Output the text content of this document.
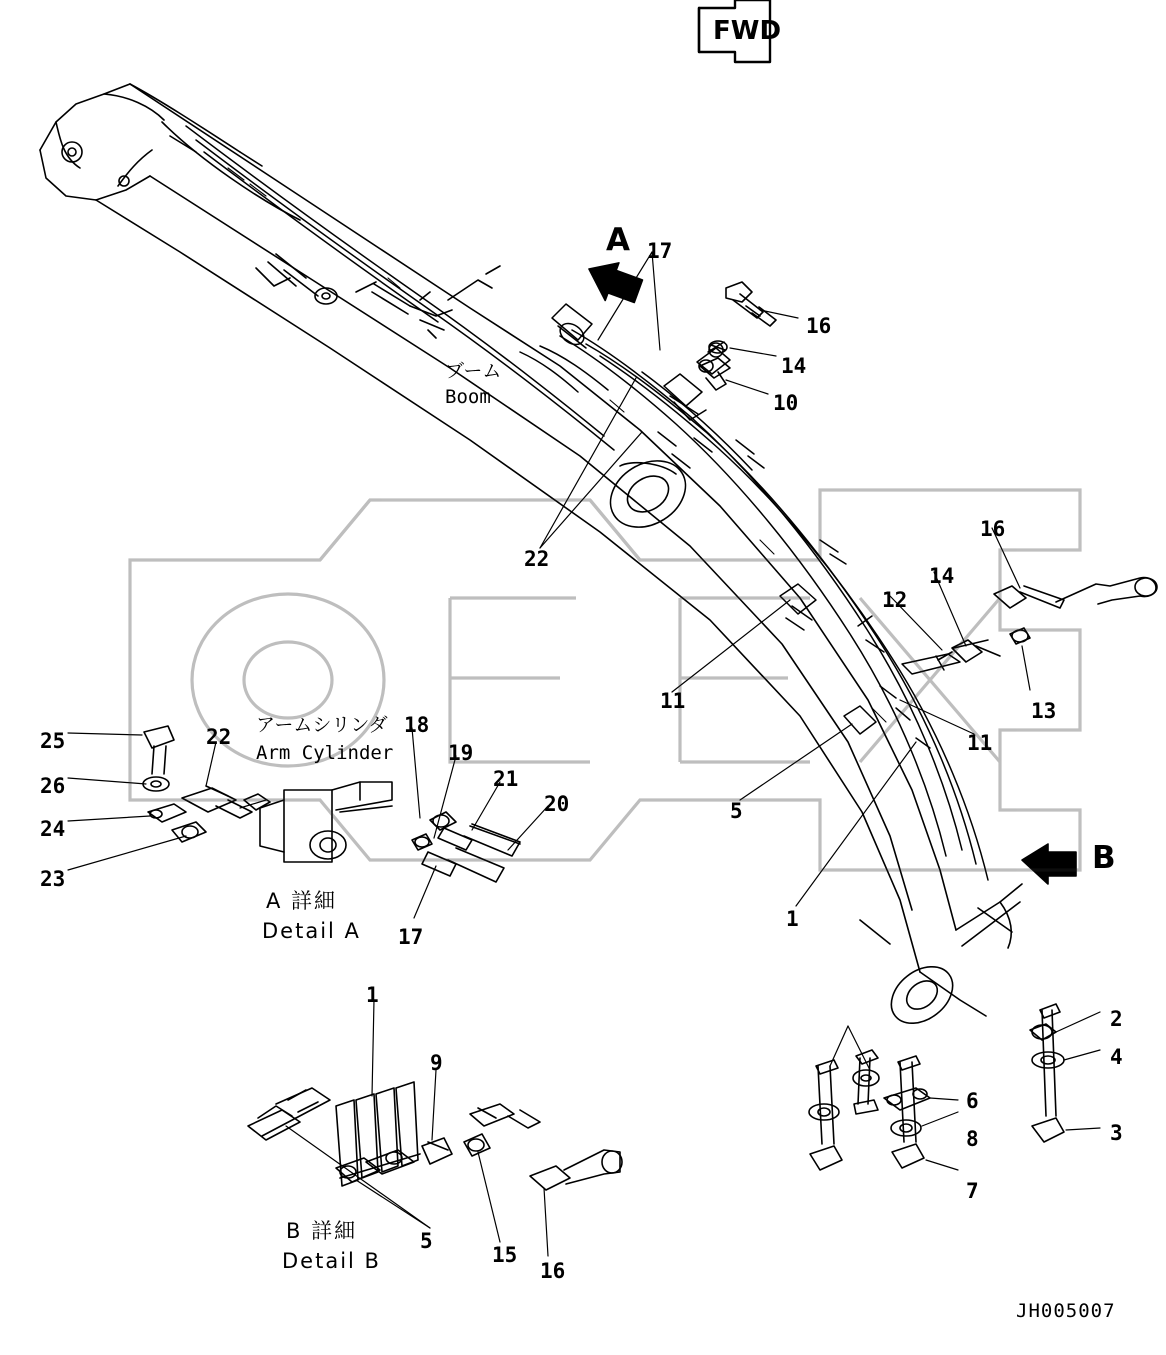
FWD
A
B
ブーム
Boom
アームシリンダ
Arm Cylinder
A 詳細
Detail A
B 詳細
Detail B
JH005007
17
16
14
10
22
16
14
12
13
11
11
5
1
25
26
24
23
22	18
19
21
20
17
2
4
6
8	3
7
1
9
5
15
16
